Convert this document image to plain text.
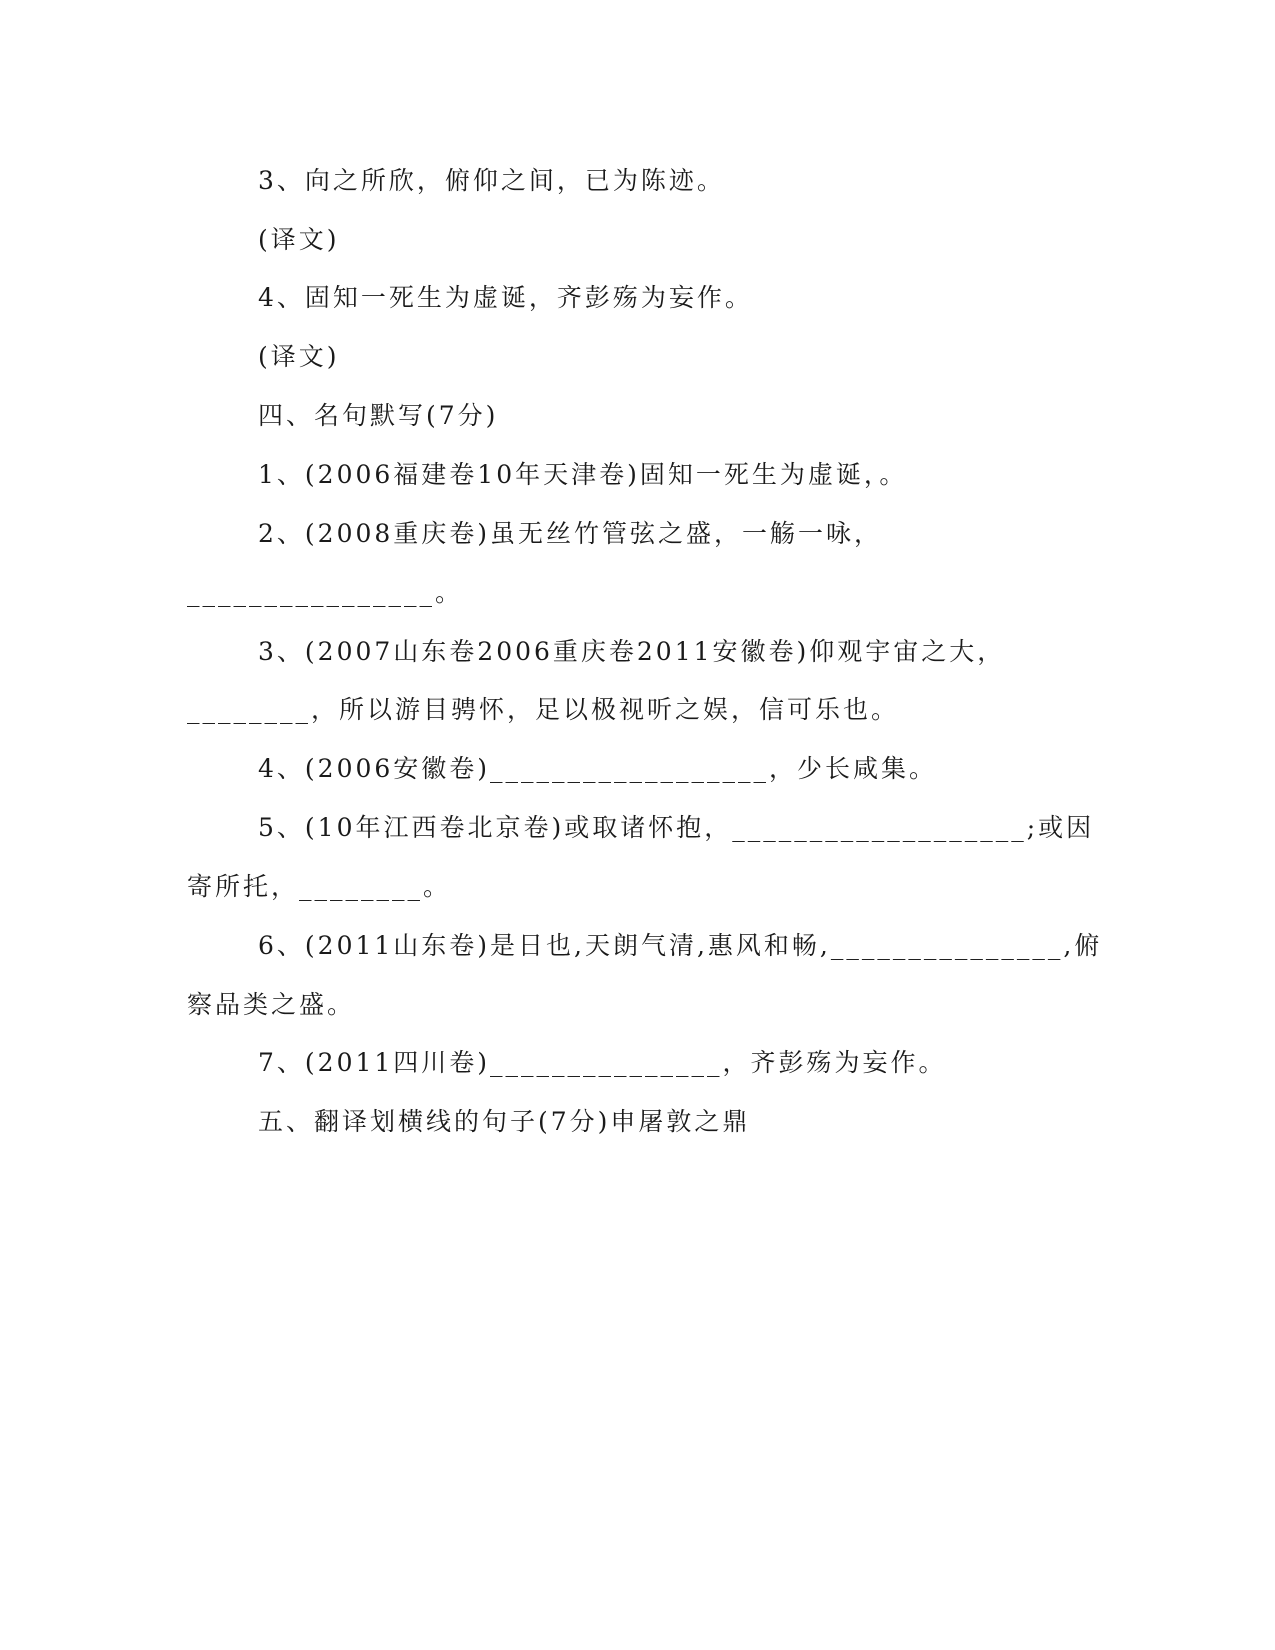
3、向之所欣，俯仰之间，已为陈迹。
(译文)
4、固知一死生为虚诞，齐彭殇为妄作。
(译文)
四、名句默写(7分)
1、(2006福建卷10年天津卷)固知一死生为虚诞，。
2、(2008重庆卷)虽无丝竹管弦之盛，一觞一咏，
________________。
3、(2007山东卷2006重庆卷2011安徽卷)仰观宇宙之大，
________，所以游目骋怀，足以极视听之娱，信可乐也。
4、(2006安徽卷)__________________，少长咸集。
5、(10年江西卷北京卷)或取诸怀抱，___________________;或因
寄所托，________。
6、(2011山东卷)是日也,天朗气清,惠风和畅,_______________,俯
察品类之盛。
7、(2011四川卷)_______________，齐彭殇为妄作。
五、翻译划横线的句子(7分)申屠敦之鼎
